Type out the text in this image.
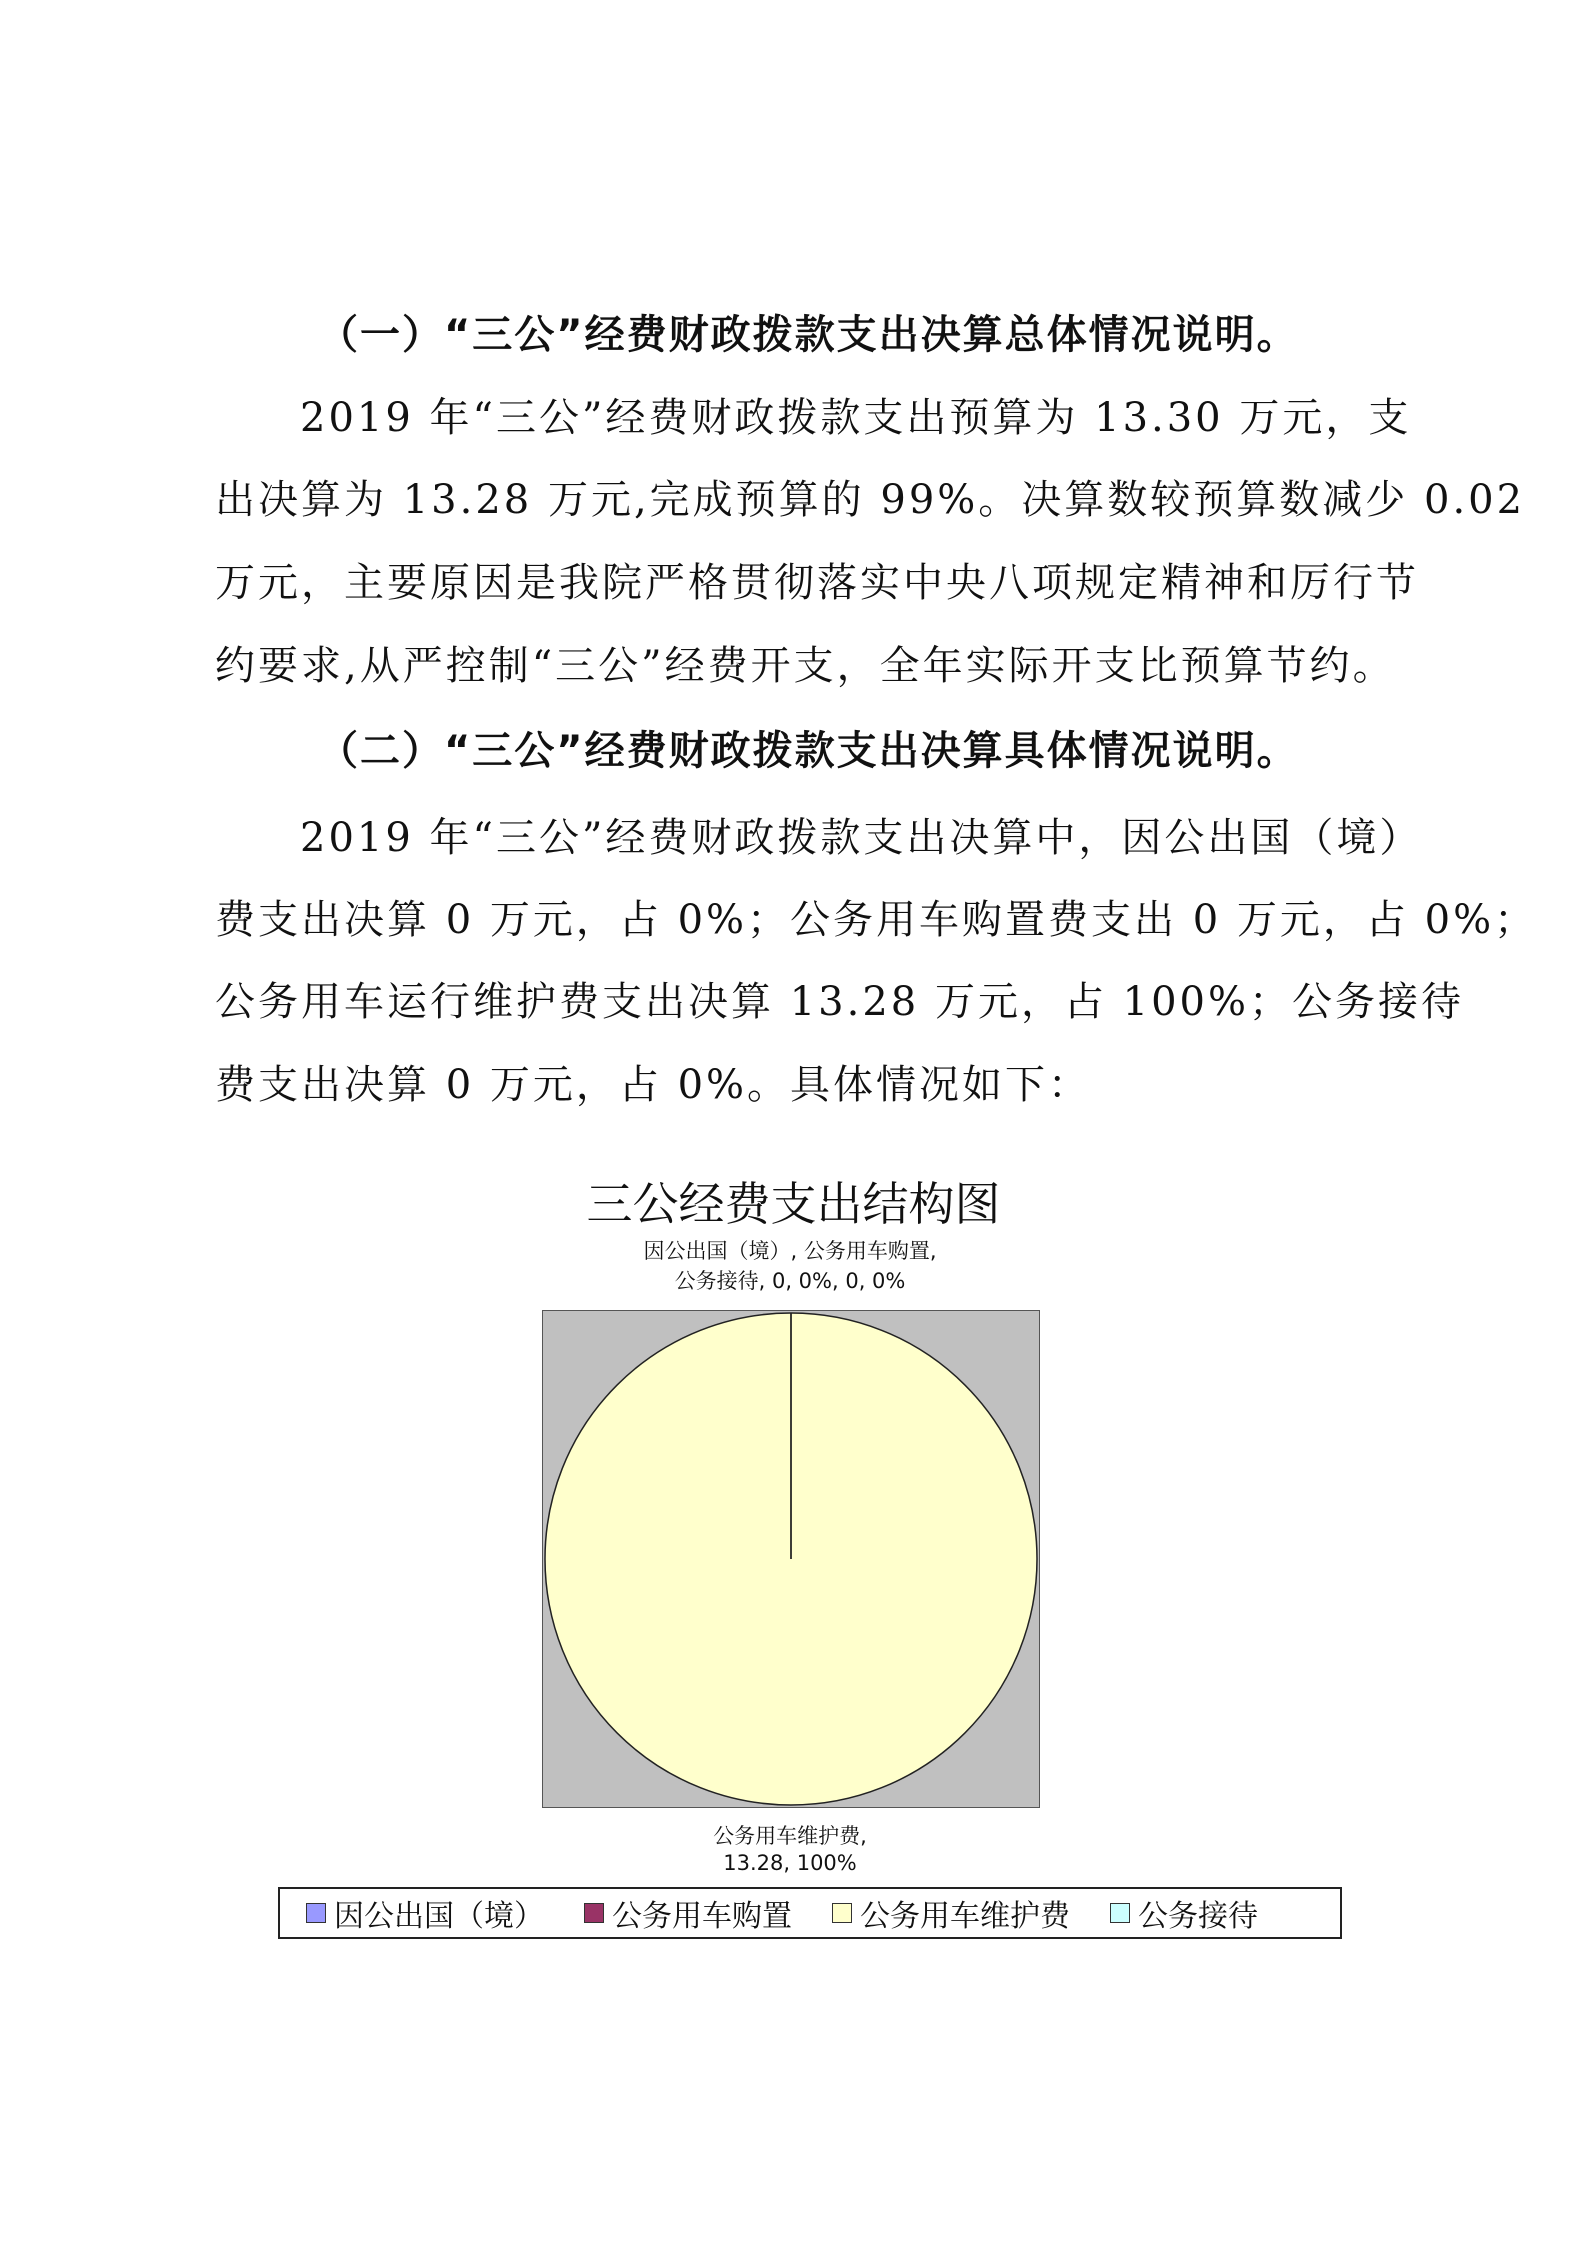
（一）“三公”经费财政拨款支出决算总体情况说明。

2019 年“三公”经费财政拨款支出预算为 13.30 万元，支

出决算为 13.28 万元,完成预算的 99%。决算数较预算数减少 0.02

万元，主要原因是我院严格贯彻落实中央八项规定精神和厉行节

约要求,从严控制“三公”经费开支，全年实际开支比预算节约。

（二）“三公”经费财政拨款支出决算具体情况说明。

2019 年“三公”经费财政拨款支出决算中，因公出国（境）

费支出决算 0 万元，占 0%；公务用车购置费支出 0 万元，占 0%；

公务用车运行维护费支出决算 13.28 万元，占 100%；公务接待

费支出决算 0 万元，占 0%。具体情况如下：

三公经费支出结构图

因公出国（境）, 公务用车购置,
公务接待, 0, 0%, 0, 0%
公务用车维护费,
13.28, 100%
因公出国（境） 公务用车购置 公务用车维护费 公务接待
